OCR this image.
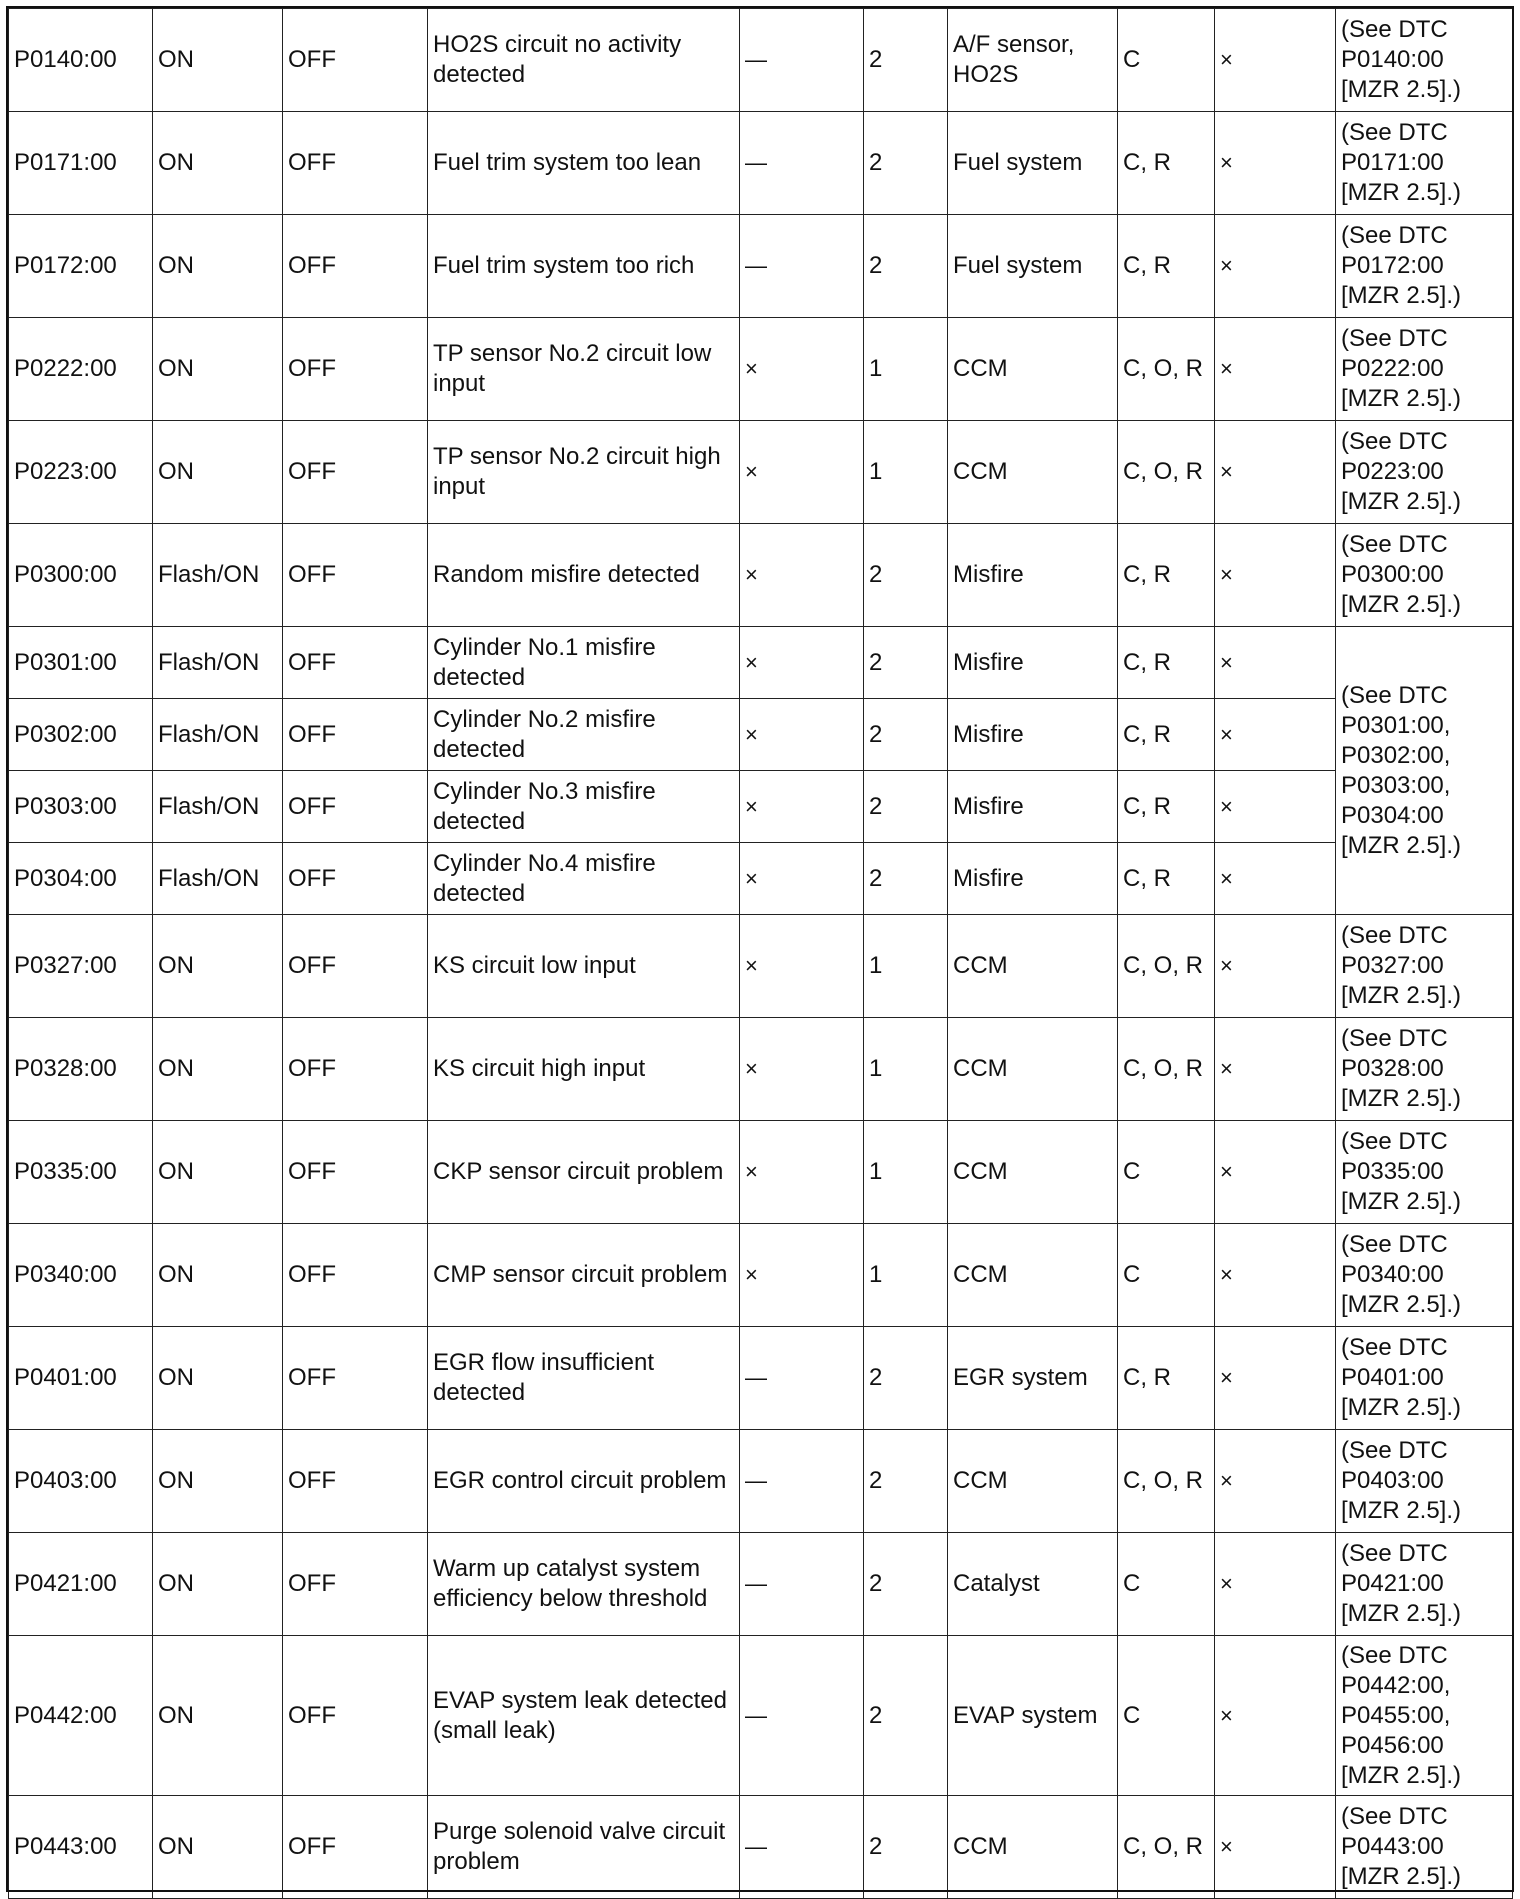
P0140:00	ON	OFF	HO2S circuit no activity detected	—	2	A/F sensor, HO2S	C	×	(See DTC P0140:00 [MZR 2.5].)
P0171:00	ON	OFF	Fuel trim system too lean	—	2	Fuel system	C, R	×	(See DTC P0171:00 [MZR 2.5].)
P0172:00	ON	OFF	Fuel trim system too rich	—	2	Fuel system	C, R	×	(See DTC P0172:00 [MZR 2.5].)
P0222:00	ON	OFF	TP sensor No.2 circuit low input	×	1	CCM	C, O, R	×	(See DTC P0222:00 [MZR 2.5].)
P0223:00	ON	OFF	TP sensor No.2 circuit high input	×	1	CCM	C, O, R	×	(See DTC P0223:00 [MZR 2.5].)
P0300:00	Flash/ON	OFF	Random misfire detected	×	2	Misfire	C, R	×	(See DTC P0300:00 [MZR 2.5].)
P0301:00	Flash/ON	OFF	Cylinder No.1 misfire detected	×	2	Misfire	C, R	×	(See DTC P0301:00, P0302:00, P0303:00, P0304:00 [MZR 2.5].)
P0302:00	Flash/ON	OFF	Cylinder No.2 misfire detected	×	2	Misfire	C, R	×	
P0303:00	Flash/ON	OFF	Cylinder No.3 misfire detected	×	2	Misfire	C, R	×	
P0304:00	Flash/ON	OFF	Cylinder No.4 misfire detected	×	2	Misfire	C, R	×	
P0327:00	ON	OFF	KS circuit low input	×	1	CCM	C, O, R	×	(See DTC P0327:00 [MZR 2.5].)
P0328:00	ON	OFF	KS circuit high input	×	1	CCM	C, O, R	×	(See DTC P0328:00 [MZR 2.5].)
P0335:00	ON	OFF	CKP sensor circuit problem	×	1	CCM	C	×	(See DTC P0335:00 [MZR 2.5].)
P0340:00	ON	OFF	CMP sensor circuit problem	×	1	CCM	C	×	(See DTC P0340:00 [MZR 2.5].)
P0401:00	ON	OFF	EGR flow insufficient detected	—	2	EGR system	C, R	×	(See DTC P0401:00 [MZR 2.5].)
P0403:00	ON	OFF	EGR control circuit problem	—	2	CCM	C, O, R	×	(See DTC P0403:00 [MZR 2.5].)
P0421:00	ON	OFF	Warm up catalyst system efficiency below threshold	—	2	Catalyst	C	×	(See DTC P0421:00 [MZR 2.5].)
P0442:00	ON	OFF	EVAP system leak detected (small leak)	—	2	EVAP system	C	×	(See DTC P0442:00, P0455:00, P0456:00 [MZR 2.5].)
P0443:00	ON	OFF	Purge solenoid valve circuit problem	—	2	CCM	C, O, R	×	(See DTC P0443:00 [MZR 2.5].)
